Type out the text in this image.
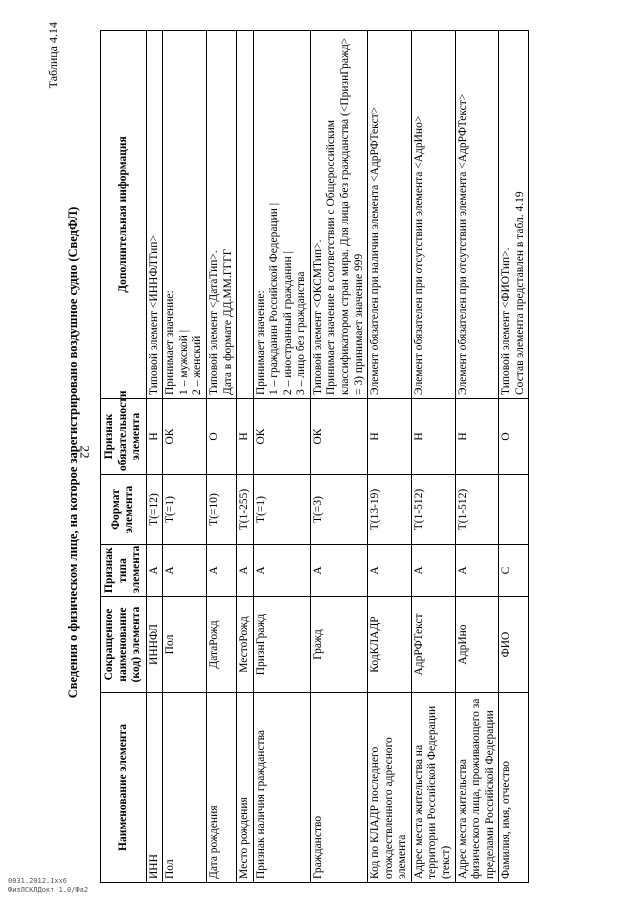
22
Таблица 4.14
Сведения о физическом лице, на которое зарегистрировано воздушное судно (СведФЛ)
Наименование элемента	Сокращенное наименование (код) элемента	Признак типа элемента	Формат элемента	Признак обязательности элемента	Дополнительная информация
ИНН	ИННФЛ	А	Т(=12)	Н	Типовой элемент <ИННФЛТип>

Пол	Пол	А	Т(=1)	ОК	Принимает значение: 1 – мужской | 2 – женский

Дата рождения	ДатаРожд	А	Т(=10)	О	Типовой элемент <ДатаТип>. Дата в формате ДД.ММ.ГГГГ

Место рождения	МестоРожд	А	Т(1-255)	Н	

Признак наличия гражданства	ПризнГражд	А	Т(=1)	ОК	Принимает значение: 1 – гражданин Российской Федерации | 2 – иностранный гражданин | 3 – лицо без гражданства

Гражданство	Гражд	А	Т(=3)	ОК	Типовой элемент <ОКСМТип>. Принимает значение в соответствии с Общероссийским классификатором стран мира. Для лица без гражданства (<ПризнГражд> = 3) принимает значение 999

Код по КЛАДР последнего отождествленного адресного элемента	КодКЛАДР	А	Т(13-19)	Н	Элемент обязателен при наличии элемента <АдрРФТекст>

Адрес места жительства на территории Российской Федерации (текст)	АдрРФТекст	А	Т(1-512)	Н	Элемент обязателен при отсутствии элемента <АдрИно>

Адрес места жительства физического лица, проживающего за пределами Российской Федерации	АдрИно	А	Т(1-512)	Н	Элемент обязателен при отсутствии элемента <АдрРФТекст>

Фамилия, имя, отчество	ФИО	С		О	Типовой элемент <ФИОТип>. Состав элемента представлен в табл. 4.19
0031.2012.1хх6
ФизЛСКЛДокт 1.0/Фа2
